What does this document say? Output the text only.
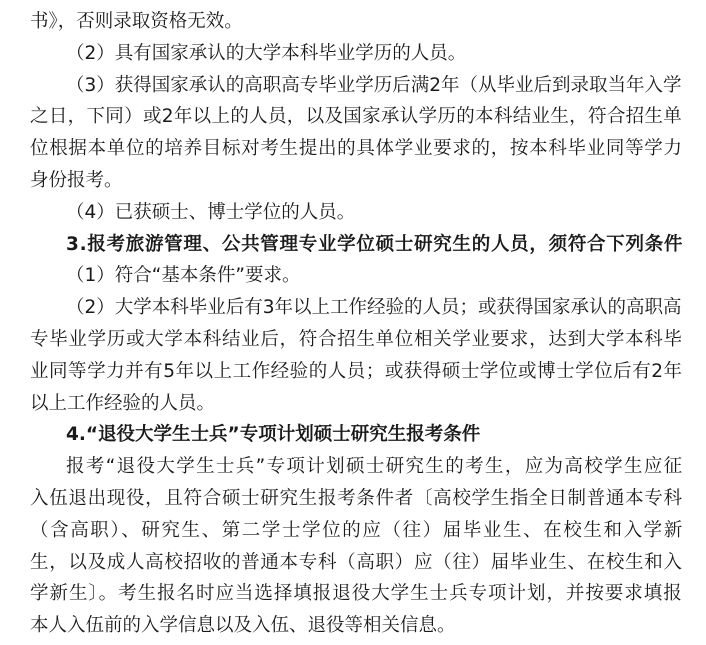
书》，否则录取资格无效。
（2）具有国家承认的大学本科毕业学历的人员。
（3）获得国家承认的高职高专毕业学历后满2年（从毕业后到录取当年入学
之日，下同）或2年以上的人员，以及国家承认学历的本科结业生，符合招生单
位根据本单位的培养目标对考生提出的具体学业要求的，按本科毕业同等学力
身份报考。
（4）已获硕士、博士学位的人员。
3.报考旅游管理、公共管理专业学位硕士研究生的人员，须符合下列条件
（1）符合“基本条件”要求。
（2）大学本科毕业后有3年以上工作经验的人员；或获得国家承认的高职高
专毕业学历或大学本科结业后，符合招生单位相关学业要求，达到大学本科毕
业同等学力并有5年以上工作经验的人员；或获得硕士学位或博士学位后有2年
以上工作经验的人员。
4.“退役大学生士兵”专项计划硕士研究生报考条件
报考“退役大学生士兵”专项计划硕士研究生的考生，应为高校学生应征
入伍退出现役，且符合硕士研究生报考条件者〔高校学生指全日制普通本专科
（含高职）、研究生、第二学士学位的应（往）届毕业生、在校生和入学新
生，以及成人高校招收的普通本专科（高职）应（往）届毕业生、在校生和入
学新生〕。考生报名时应当选择填报退役大学生士兵专项计划，并按要求填报
本人入伍前的入学信息以及入伍、退役等相关信息。
